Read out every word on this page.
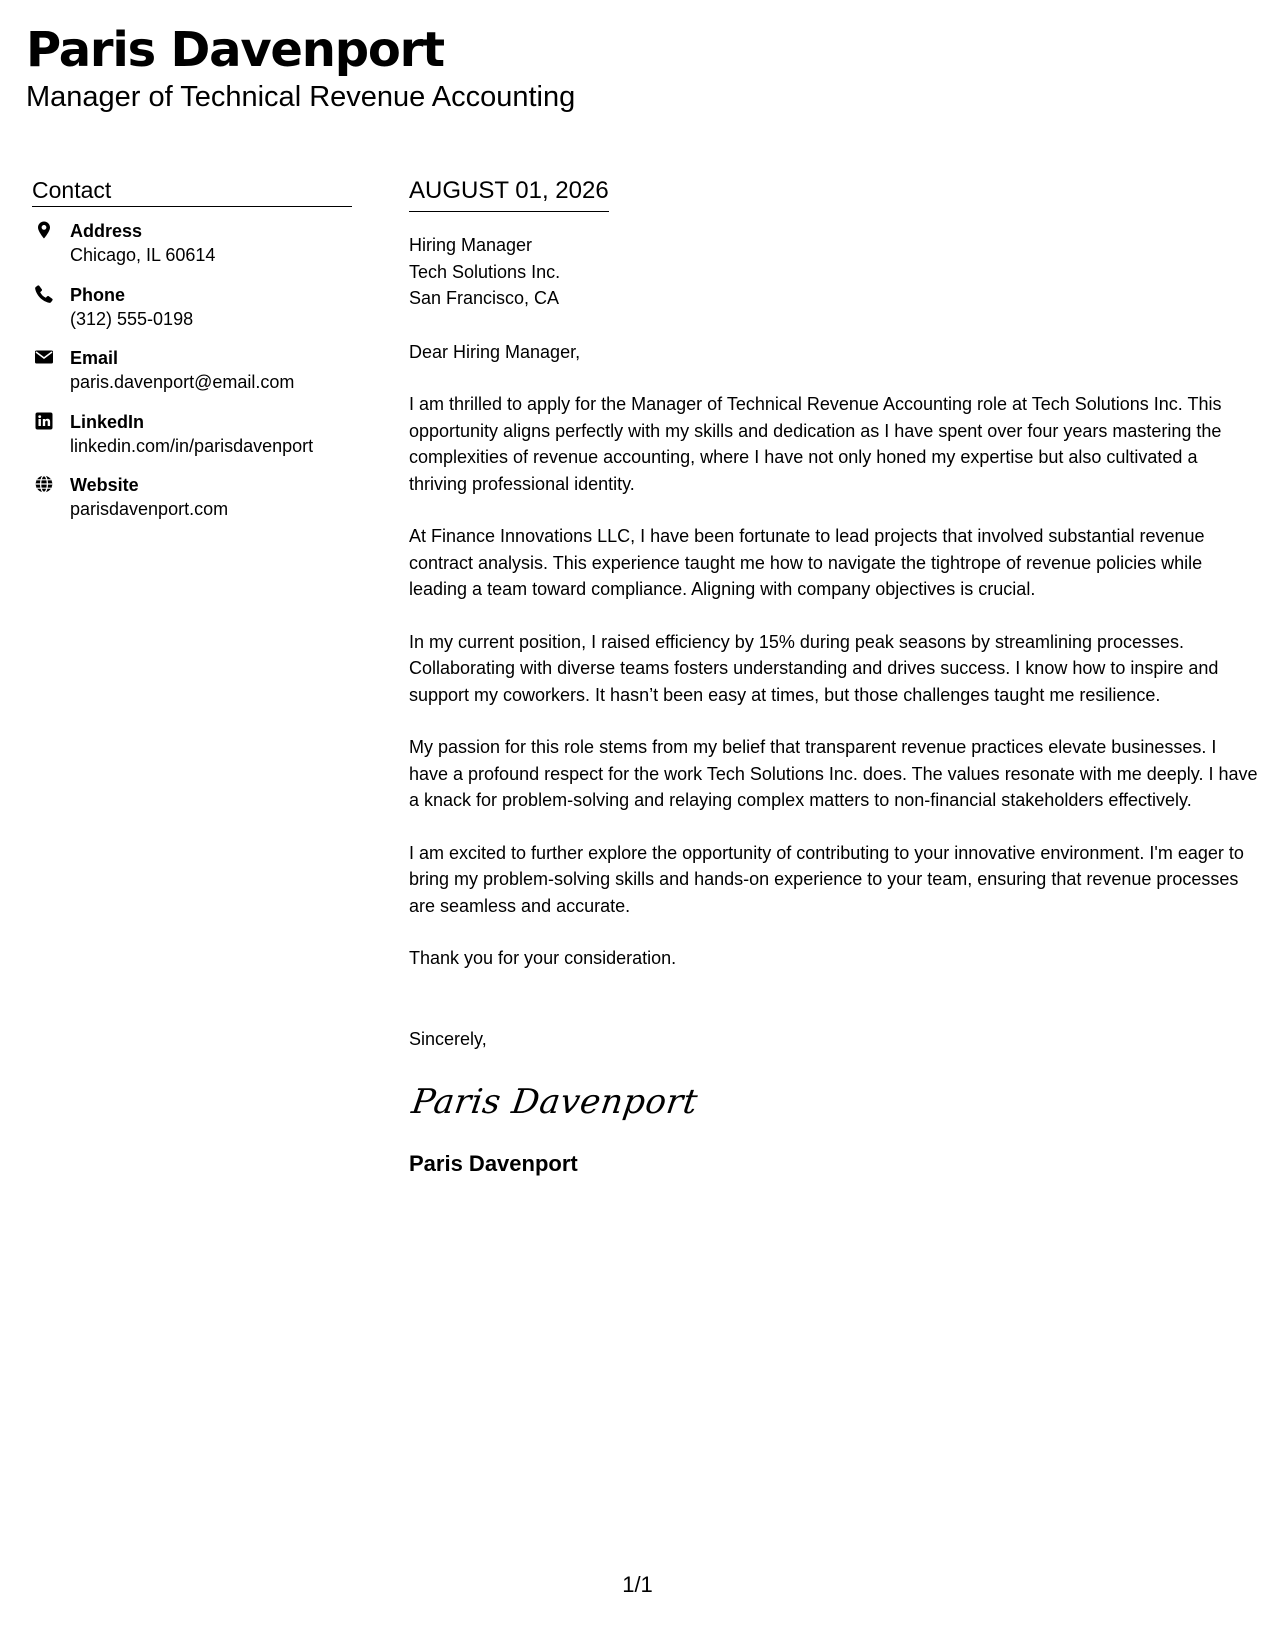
Paris Davenport
Manager of Technical Revenue Accounting
Contact
Address
Chicago, IL 60614
Phone
(312) 555-0198
Email
paris.davenport@email.com
LinkedIn
linkedin.com/in/parisdavenport
Website
parisdavenport.com
AUGUST 01, 2026
Hiring Manager
Tech Solutions Inc.
San Francisco, CA
Dear Hiring Manager,
I am thrilled to apply for the Manager of Technical Revenue Accounting role at Tech Solutions Inc. This opportunity aligns perfectly with my skills and dedication as I have spent over four years mastering the complexities of revenue accounting, where I have not only honed my expertise but also cultivated a thriving professional identity.
At Finance Innovations LLC, I have been fortunate to lead projects that involved substantial revenue contract analysis. This experience taught me how to navigate the tightrope of revenue policies while leading a team toward compliance. Aligning with company objectives is crucial.
In my current position, I raised efficiency by 15% during peak seasons by streamlining processes. Collaborating with diverse teams fosters understanding and drives success. I know how to inspire and support my coworkers. It hasn’t been easy at times, but those challenges taught me resilience.
My passion for this role stems from my belief that transparent revenue practices elevate businesses. I have a profound respect for the work Tech Solutions Inc. does. The values resonate with me deeply. I have a knack for problem-solving and relaying complex matters to non-financial stakeholders effectively.
I am excited to further explore the opportunity of contributing to your innovative environment. I'm eager to bring my problem-solving skills and hands-on experience to your team, ensuring that revenue processes are seamless and accurate.
Thank you for your consideration.
Sincerely,
Paris Davenport
Paris Davenport
1/1
